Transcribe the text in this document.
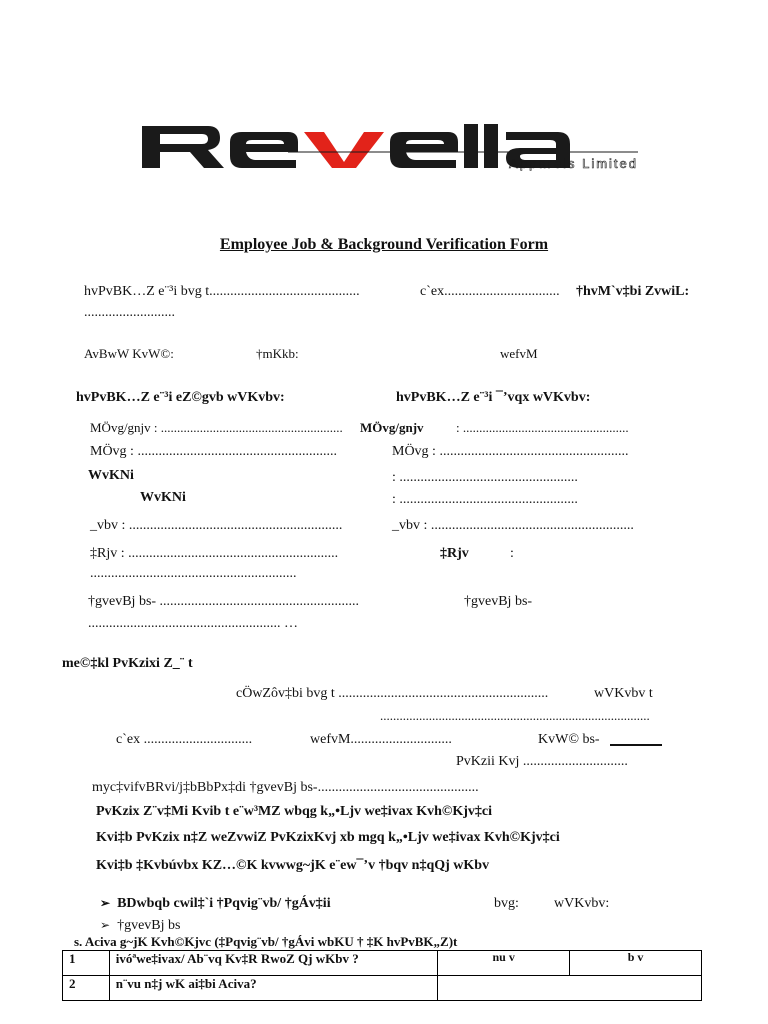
Apparels Limited
Employee Job & Background Verification Form
hvPvBK…Z e¨³i bvg t...........................................	c`ex................................. †hvM`v‡bi ZvwiL:
..........................
AvBwW KvW©:	†mKkb:	wefvM
hvPvBK…Z e¨³i eZ©gvb wVKvbv:	hvPvBK…Z e¨³i ¯’vqx wVKvbv:
MÖvg/gnjv : ........................................................ MÖvg/gnjv : ...................................................
MÖvg : .........................................................	MÖvg : ......................................................
WvKNi	: ...................................................
WvKNi	: ...................................................
_vbv : .............................................................	_vbv : ..........................................................
‡Rjv : ............................................................	‡Rjv	:
...........................................................
†gvevBj bs- .........................................................	†gvevBj bs-
....................................................... …
me©‡kl PvKzixi Z_¨ t
cÖwZôv‡bi bvg t ............................................................	wVKvbv t
...................................................................................
c`ex ...............................	wefvM.............................	KvW© bs-
PvKzii Kvj ..............................
myc‡vifvBRvi/j‡bBbPx‡di †gvevBj bs-..............................................
PvKzix Z¨v‡Mi Kvib t e¨w³MZ wbqg k„•Ljv we‡ivax Kvh©Kjv‡ci
Kvi‡b PvKzix n‡Z weZvwiZ PvKzixKvj xb mgq k„•Ljv we‡ivax Kvh©Kjv‡ci
Kvi‡b ‡Kvbúvbx KZ…©K kvwwg~jK e¨ew¯’v †bqv n‡qQj wKbv
➢ BDwbqb cwil‡`i †Pqvig¨vb/ †gÁv‡ii	bvg:	wVKvbv:
➢ †gvevBj bs
s. Aciva g~jK Kvh©Kjvc (‡Pqvig¨vb/ †gÁvi wbKU † ‡K hvPvBK„Z)t
1	ivóªwe‡ivax/ Ab¨vq Kv‡R RwoZ Qj wKbv ?	nu v	b v
2	n¨vu n‡j wK ai‡bi Aciva?		
